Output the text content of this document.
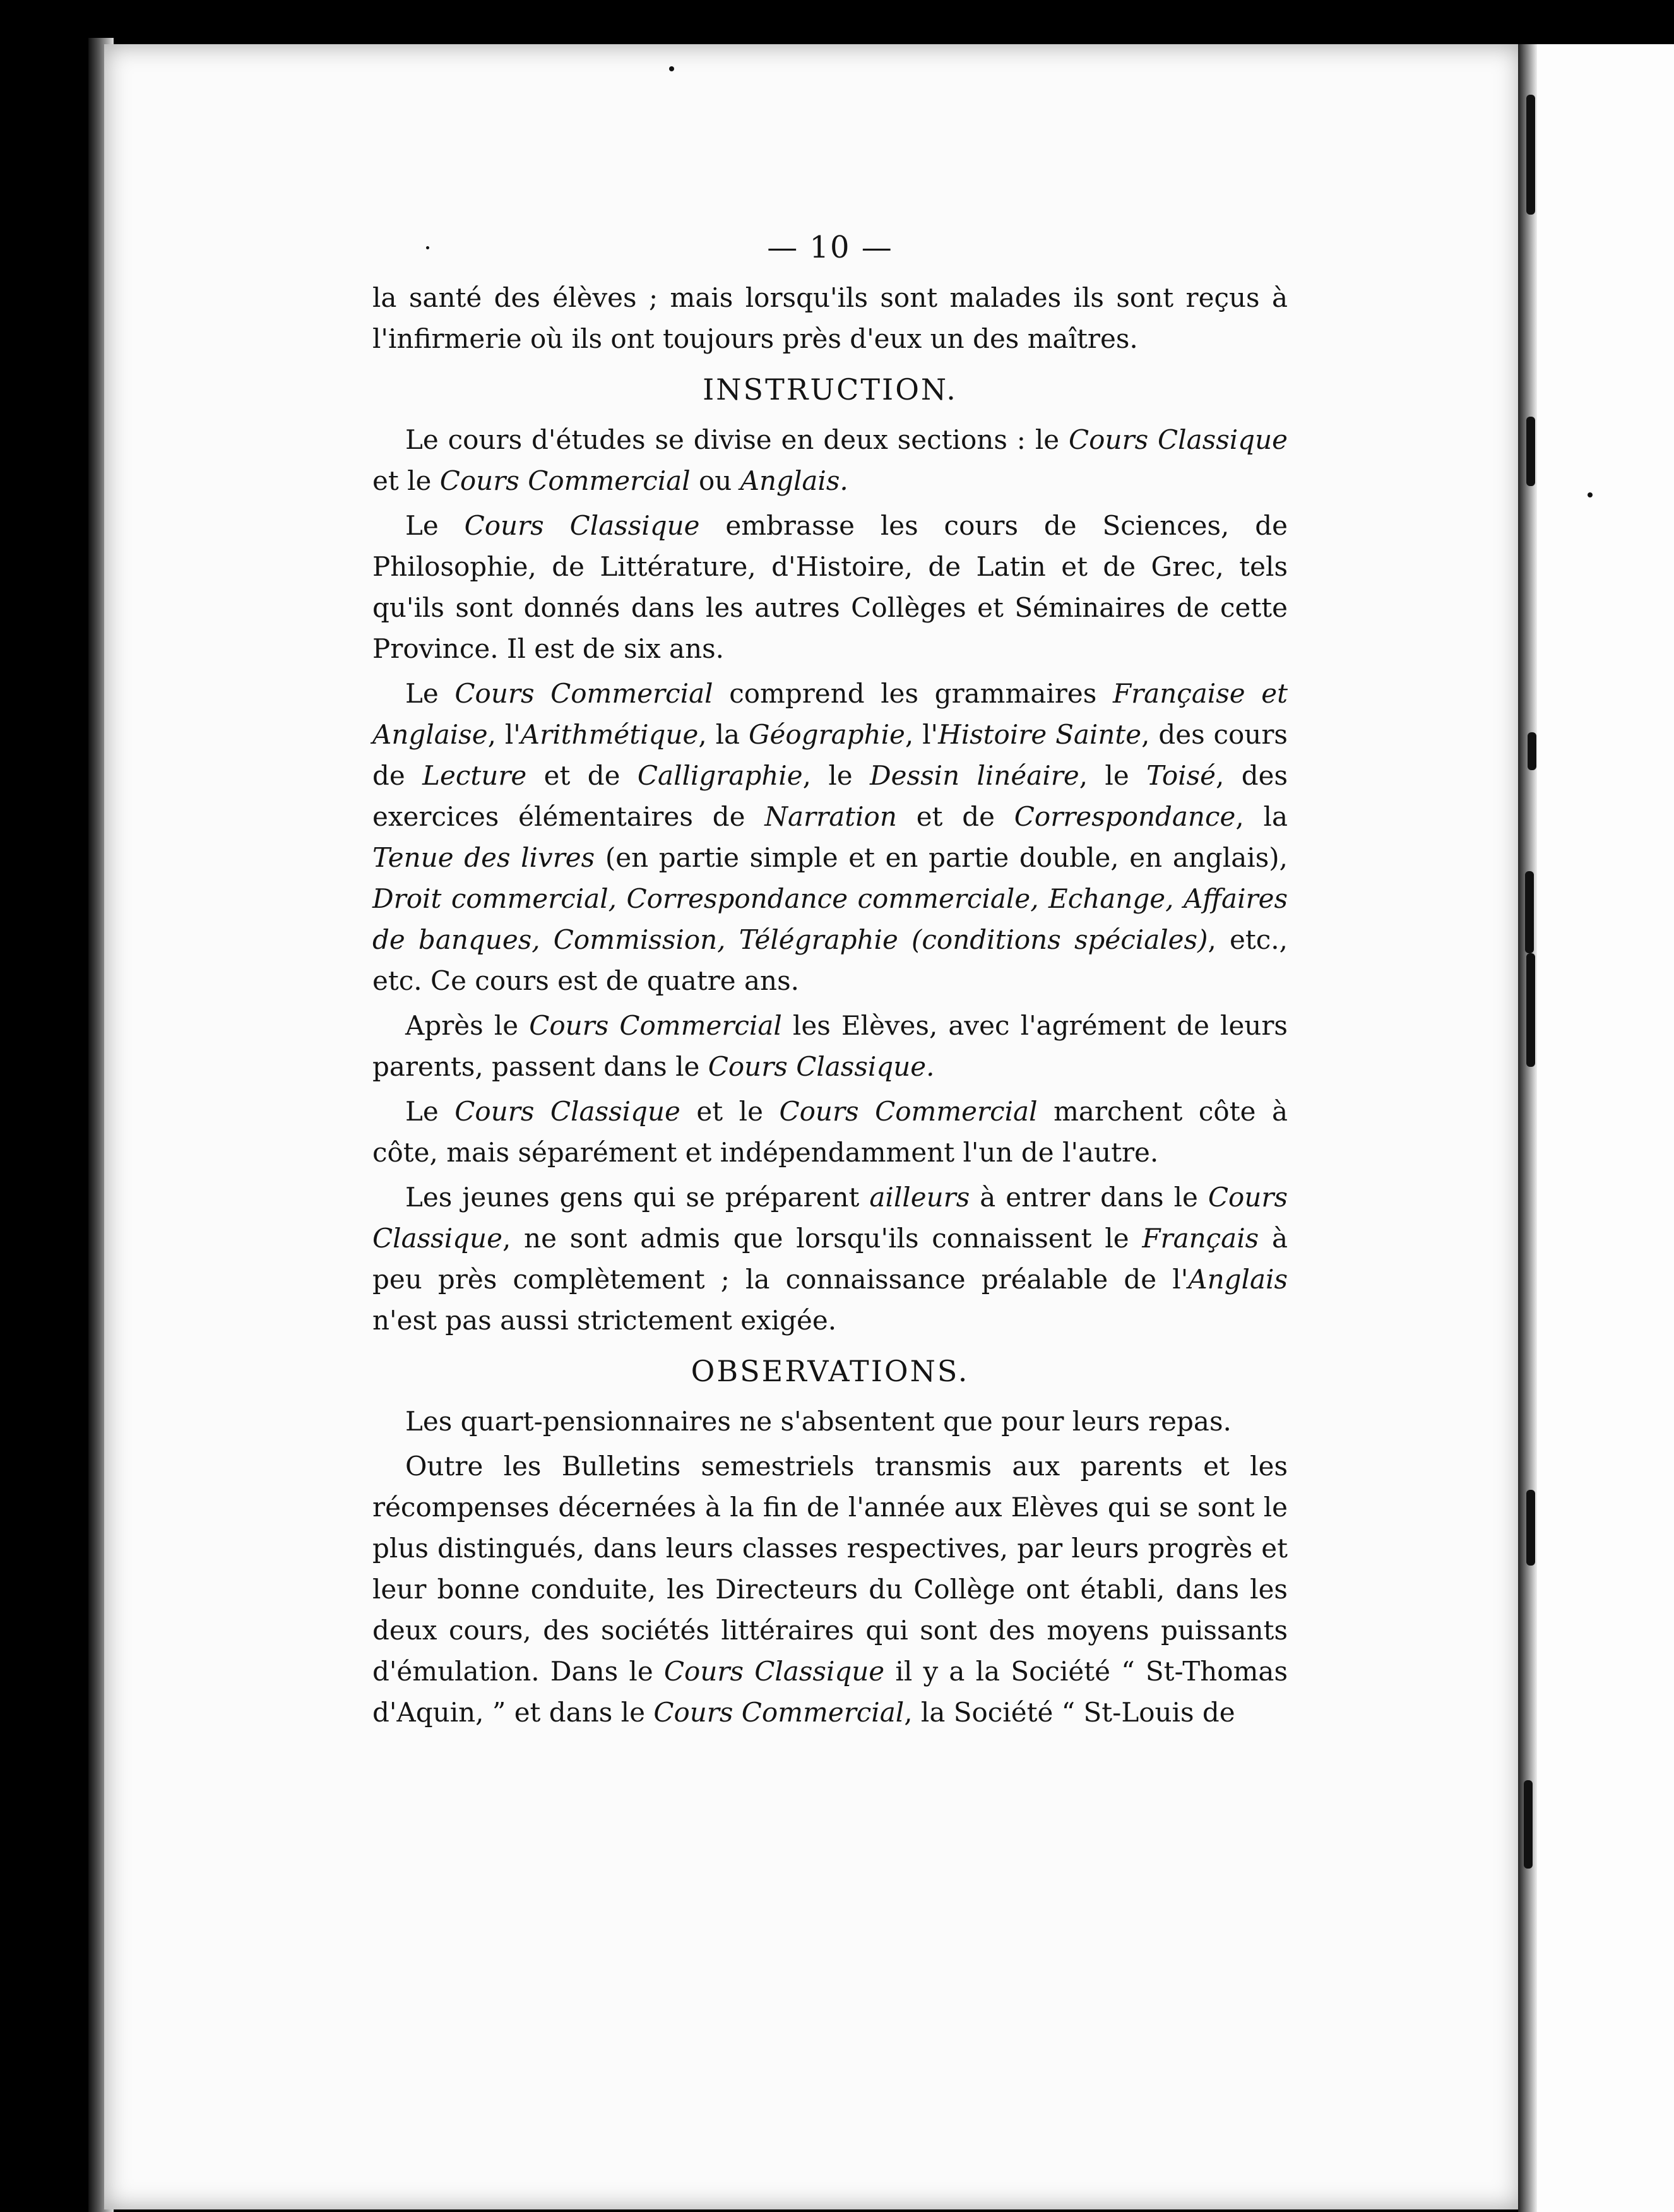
— 10 —

la santé des élèves ; mais lorsqu'ils sont malades ils sont reçus à l'infirmerie où ils ont toujours près d'eux un des maîtres.

INSTRUCTION.

Le cours d'études se divise en deux sections : le Cours Classique et le Cours Commercial ou Anglais.

Le Cours Classique embrasse les cours de Sciences, de Philosophie, de Littérature, d'Histoire, de Latin et de Grec, tels qu'ils sont donnés dans les autres Collèges et Séminaires de cette Province. Il est de six ans.

Le Cours Commercial comprend les grammaires Française et Anglaise, l'Arithmétique, la Géographie, l'Histoire Sainte, des cours de Lecture et de Calligraphie, le Dessin linéaire, le Toisé, des exercices élémentaires de Narration et de Correspondance, la Tenue des livres (en partie simple et en partie double, en anglais), Droit commercial, Correspondance commerciale, Echange, Affaires de banques, Commission, Télégraphie (conditions spéciales), etc., etc. Ce cours est de quatre ans.

Après le Cours Commercial les Elèves, avec l'agrément de leurs parents, passent dans le Cours Classique.

Le Cours Classique et le Cours Commercial marchent côte à côte, mais séparément et indépendamment l'un de l'autre.

Les jeunes gens qui se préparent ailleurs à entrer dans le Cours Classique, ne sont admis que lorsqu'ils connaissent le Français à peu près complètement ; la connaissance préalable de l'Anglais n'est pas aussi strictement exigée.

OBSERVATIONS.

Les quart-pensionnaires ne s'absentent que pour leurs repas.

Outre les Bulletins semestriels transmis aux parents et les récompenses décernées à la fin de l'année aux Elèves qui se sont le plus distingués, dans leurs classes respectives, par leurs progrès et leur bonne conduite, les Directeurs du Collège ont établi, dans les deux cours, des sociétés littéraires qui sont des moyens puissants d'émulation. Dans le Cours Classique il y a la Société “ St-Thomas d'Aquin, ” et dans le Cours Commercial, la Société “ St-Louis de
